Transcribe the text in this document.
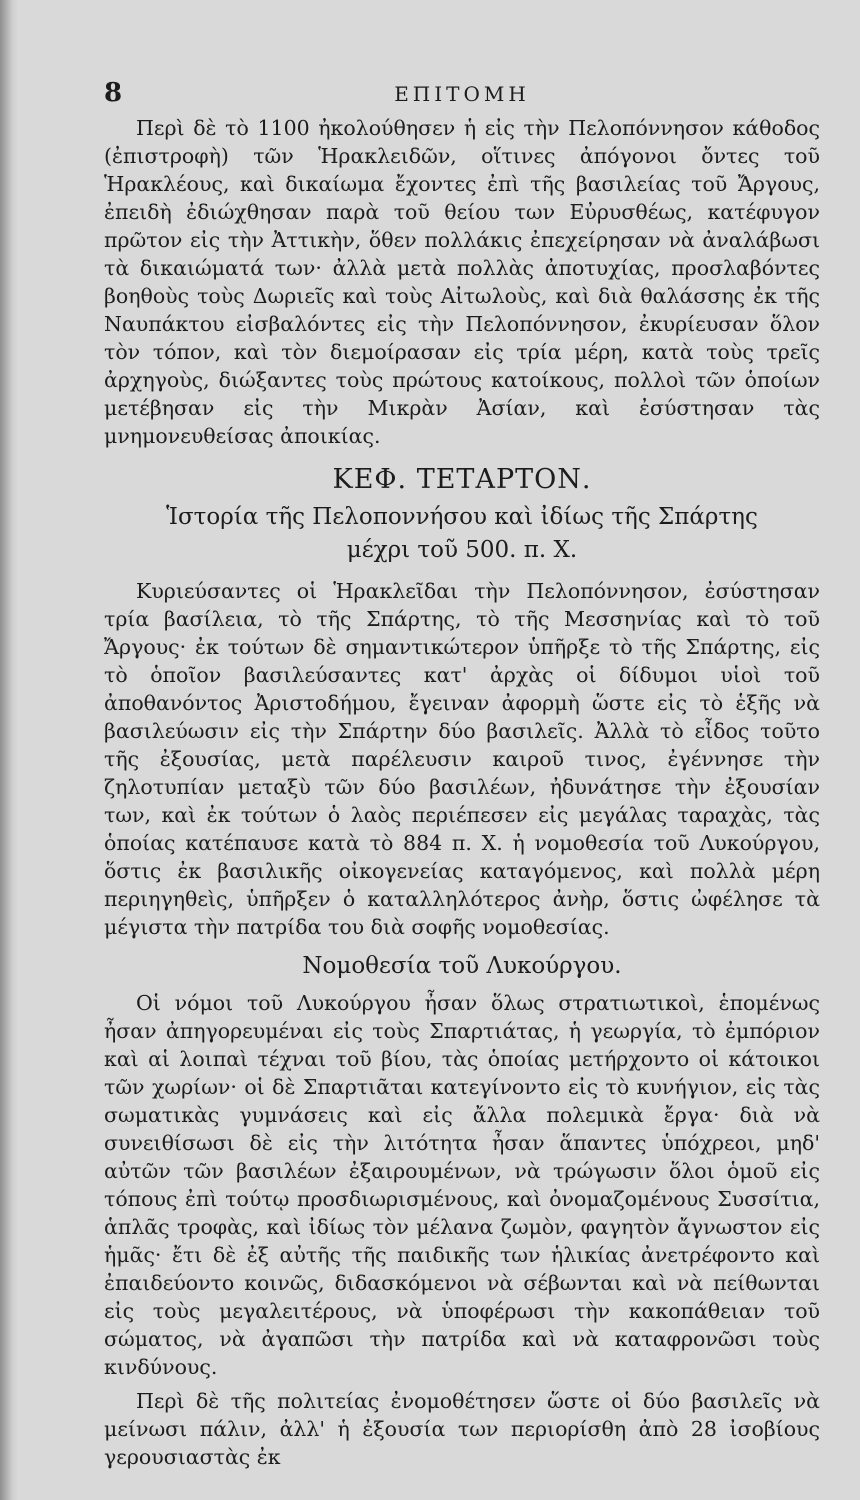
8	ΕΠΙΤΟΜΗ

Περὶ δὲ τὸ 1100 ἠκολούθησεν ἡ εἰς τὴν Πελοπόννησον κάθοδος (ἐπιστροφὴ) τῶν Ἡρακλειδῶν, οἵτινες ἀπόγονοι ὄντες τοῦ Ἡρακλέους, καὶ δικαίωμα ἔχοντες ἐπὶ τῆς βασιλείας τοῦ Ἄργους, ἐπειδὴ ἐδιώχθησαν παρὰ τοῦ θείου των Εὐρυσθέως, κατέφυγον πρῶτον εἰς τὴν Ἀττικὴν, ὅθεν πολλάκις ἐπεχείρησαν νὰ ἀναλάβωσι τὰ δικαιώματά των· ἀλλὰ μετὰ πολλὰς ἀποτυχίας, προσλαβόντες βοηθοὺς τοὺς Δωριεῖς καὶ τοὺς Αἰτωλοὺς, καὶ διὰ θαλάσσης ἐκ τῆς Ναυπάκτου εἰσβαλόντες εἰς τὴν Πελοπόννησον, ἐκυρίευσαν ὅλον τὸν τόπον, καὶ τὸν διεμοίρασαν εἰς τρία μέρη, κατὰ τοὺς τρεῖς ἀρχηγοὺς, διώξαντες τοὺς πρώτους κατοίκους, πολλοὶ τῶν ὁποίων μετέβησαν εἰς τὴν Μικρὰν Ἀσίαν, καὶ ἐσύστησαν τὰς μνημονευθείσας ἀποικίας.

ΚΕΦ. ΤΕΤΑΡΤΟΝ.
Ἱστορία τῆς Πελοποννήσου καὶ ἰδίως τῆς Σπάρτης
μέχρι τοῦ 500. π. Χ.

Κυριεύσαντες οἱ Ἡρακλεῖδαι τὴν Πελοπόννησον, ἐσύστησαν τρία βασίλεια, τὸ τῆς Σπάρτης, τὸ τῆς Μεσσηνίας καὶ τὸ τοῦ Ἄργους· ἐκ τούτων δὲ σημαντικώτερον ὑπῆρξε τὸ τῆς Σπάρτης, εἰς τὸ ὁποῖον βασιλεύσαντες κατ' ἀρχὰς οἱ δίδυμοι υἱοὶ τοῦ ἀποθανόντος Ἀριστοδήμου, ἔγειναν ἀφορμὴ ὥστε εἰς τὸ ἑξῆς νὰ βασιλεύωσιν εἰς τὴν Σπάρτην δύο βασιλεῖς. Ἀλλὰ τὸ εἶδος τοῦτο τῆς ἐξουσίας, μετὰ παρέλευσιν καιροῦ τινος, ἐγέννησε τὴν ζηλοτυπίαν μεταξὺ τῶν δύο βασιλέων, ἠδυνάτησε τὴν ἐξουσίαν των, καὶ ἐκ τούτων ὁ λαὸς περιέπεσεν εἰς μεγάλας ταραχὰς, τὰς ὁποίας κατέπαυσε κατὰ τὸ 884 π. Χ. ἡ νομοθεσία τοῦ Λυκούργου, ὅστις ἐκ βασιλικῆς οἰκογενείας καταγόμενος, καὶ πολλὰ μέρη περιηγηθεὶς, ὑπῆρξεν ὁ καταλληλότερος ἀνὴρ, ὅστις ὠφέλησε τὰ μέγιστα τὴν πατρίδα του διὰ σοφῆς νομοθεσίας.

Νομοθεσία τοῦ Λυκούργου.

Οἱ νόμοι τοῦ Λυκούργου ἦσαν ὅλως στρατιωτικοὶ, ἑπομένως ἦσαν ἀπηγορευμέναι εἰς τοὺς Σπαρτιάτας, ἡ γεωργία, τὸ ἐμπόριον καὶ αἱ λοιπαὶ τέχναι τοῦ βίου, τὰς ὁποίας μετήρχοντο οἱ κάτοικοι τῶν χωρίων· οἱ δὲ Σπαρτιᾶται κατεγίνοντο εἰς τὸ κυνήγιον, εἰς τὰς σωματικὰς γυμνάσεις καὶ εἰς ἄλλα πολεμικὰ ἔργα· διὰ νὰ συνειθίσωσι δὲ εἰς τὴν λιτότητα ἦσαν ἅπαντες ὑπόχρεοι, μηδ' αὐτῶν τῶν βασιλέων ἐξαιρουμένων, νὰ τρώγωσιν ὅλοι ὁμοῦ εἰς τόπους ἐπὶ τούτῳ προσδιωρισμένους, καὶ ὀνομαζομένους Συσσίτια, ἁπλᾶς τροφὰς, καὶ ἰδίως τὸν μέλανα ζωμὸν, φαγητὸν ἄγνωστον εἰς ἡμᾶς· ἔτι δὲ ἐξ αὐτῆς τῆς παιδικῆς των ἡλικίας ἀνετρέφοντο καὶ ἐπαιδεύοντο κοινῶς, διδασκόμενοι νὰ σέβωνται καὶ νὰ πείθωνται εἰς τοὺς μεγαλειτέρους, νὰ ὑποφέρωσι τὴν κακοπάθειαν τοῦ σώματος, νὰ ἀγαπῶσι τὴν πατρίδα καὶ νὰ καταφρονῶσι τοὺς κινδύνους.

Περὶ δὲ τῆς πολιτείας ἐνομοθέτησεν ὥστε οἱ δύο βασιλεῖς νὰ μείνωσι πάλιν, ἀλλ' ἡ ἐξουσία των περιορίσθη ἀπὸ 28 ἰσοβίους γερουσιαστὰς ἐκ
